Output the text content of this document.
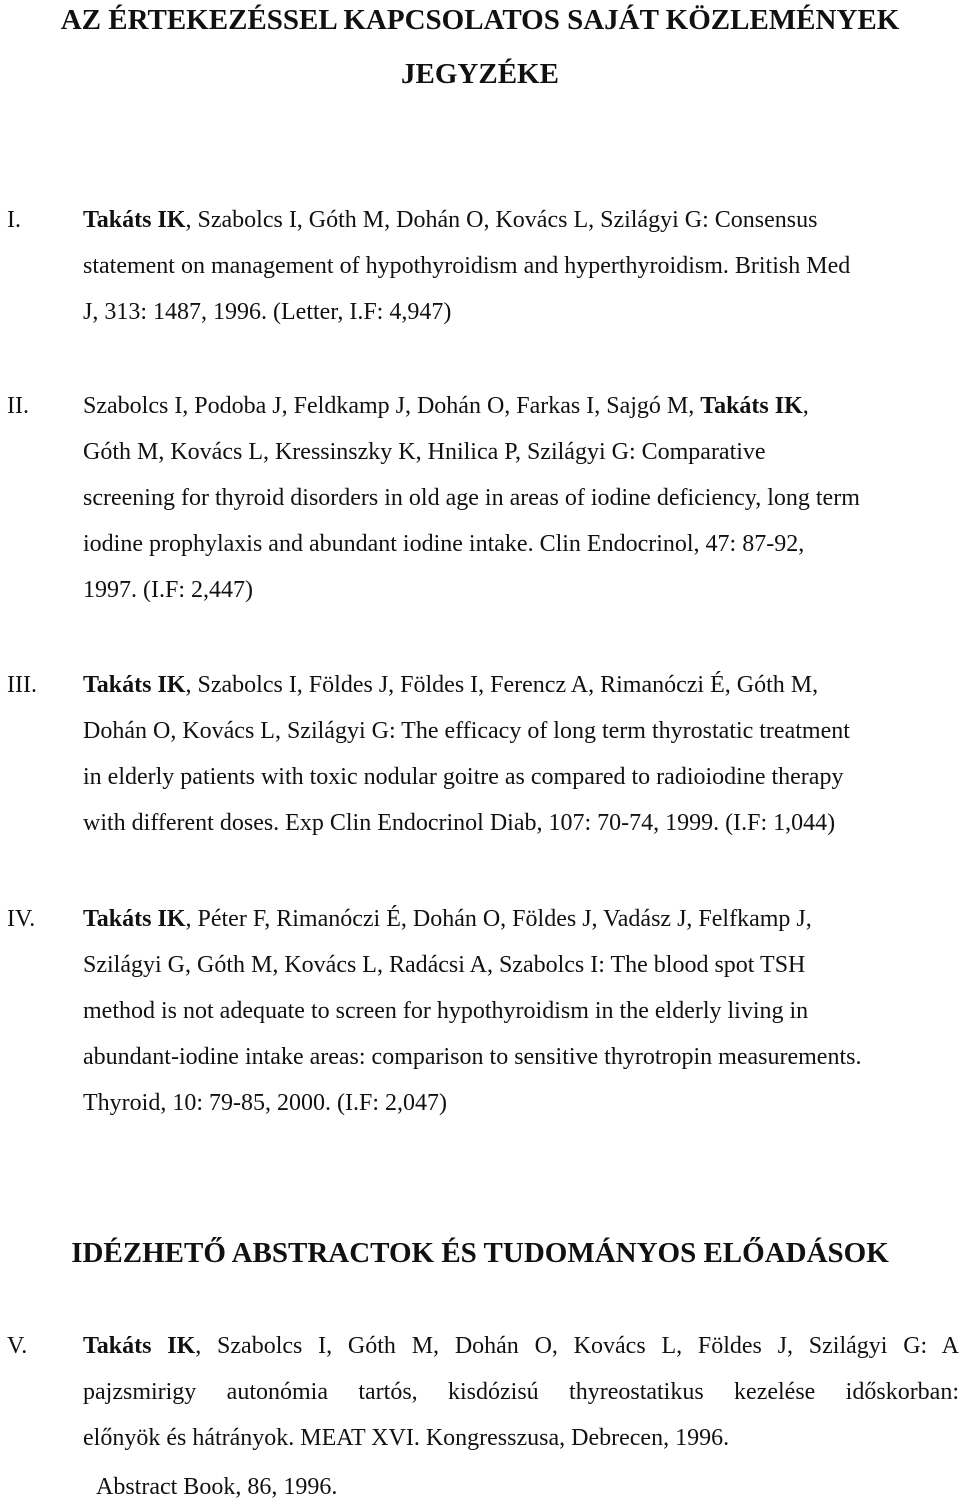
AZ ÉRTEKEZÉSSEL KAPCSOLATOS SAJÁT KÖZLEMÉNYEK
JEGYZÉKE
I.	Takáts IK, Szabolcs I, Góth M, Dohán O, Kovács L, Szilágyi G: Consensus
statement on management of hypothyroidism and hyperthyroidism. British Med
J, 313: 1487, 1996. (Letter, I.F: 4,947)
II. Szabolcs I, Podoba J, Feldkamp J, Dohán O, Farkas I, Sajgó M, Takáts IK,
Góth M, Kovács L, Kressinszky K, Hnilica P, Szilágyi G: Comparative
screening for thyroid disorders in old age in areas of iodine deficiency, long term
iodine prophylaxis and abundant iodine intake. Clin Endocrinol, 47: 87-92,
1997. (I.F: 2,447)
III. Takáts IK, Szabolcs I, Földes J, Földes I, Ferencz A, Rimanóczi É, Góth M,
Dohán O, Kovács L, Szilágyi G: The efficacy of long term thyrostatic treatment
in elderly patients with toxic nodular goitre as compared to radioiodine therapy
with different doses. Exp Clin Endocrinol Diab, 107: 70-74, 1999. (I.F: 1,044)
IV. Takáts IK, Péter F, Rimanóczi É, Dohán O, Földes J, Vadász J, Felfkamp J,
Szilágyi G, Góth M, Kovács L, Radácsi A, Szabolcs I: The blood spot TSH
method is not adequate to screen for hypothyroidism in the elderly living in
abundant-iodine intake areas: comparison to sensitive thyrotropin measurements.
Thyroid, 10: 79-85, 2000. (I.F: 2,047)
IDÉZHETŐ ABSTRACTOK ÉS TUDOMÁNYOS ELŐADÁSOK
V. Takáts IK, Szabolcs I, Góth M, Dohán O, Kovács L, Földes J, Szilágyi G: A
pajzsmirigy autonómia tartós, kisdózisú thyreostatikus kezelése időskorban:
előnyök és hátrányok. MEAT XVI. Kongresszusa, Debrecen, 1996.
Abstract Book, 86, 1996.
